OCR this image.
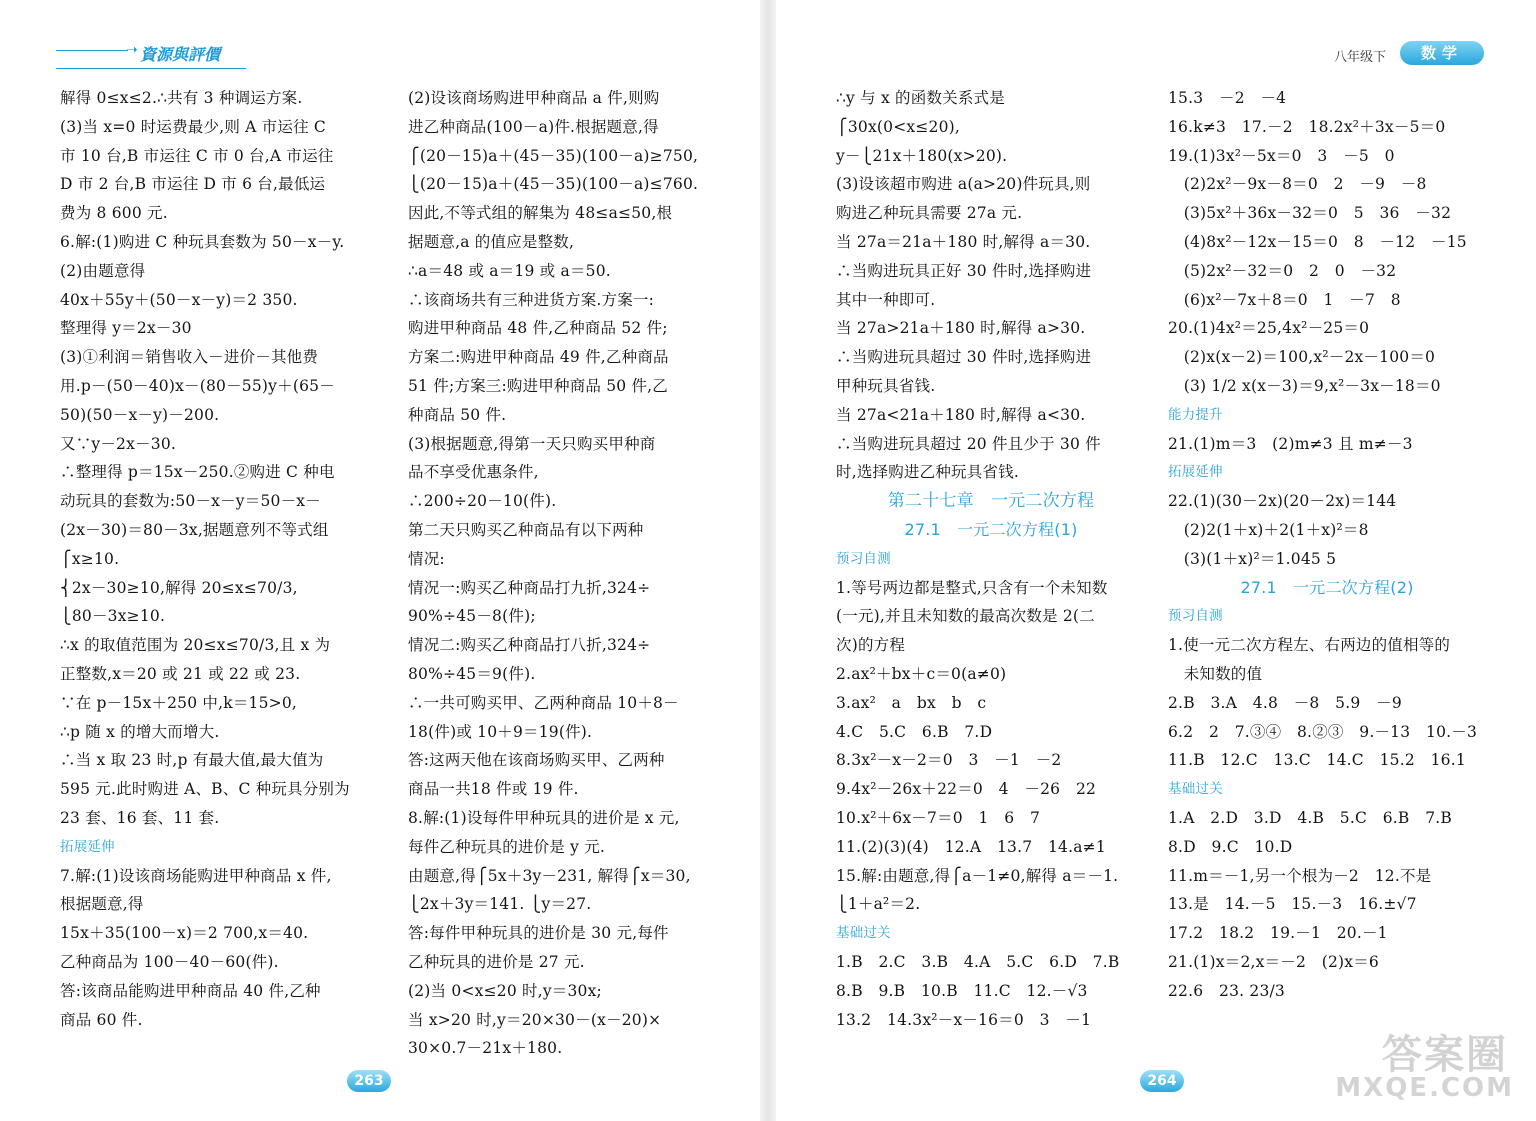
➝ 資源與評價
解得 0≤x≤2.∴共有 3 种调运方案.
(3)当 x=0 时运费最少,则 A 市运往 C
市 10 台,B 市运往 C 市 0 台,A 市运往
D 市 2 台,B 市运往 D 市 6 台,最低运
费为 8 600 元.
6.解:(1)购进 C 种玩具套数为 50－x－y.
(2)由题意得
40x＋55y＋(50－x－y)＝2 350.
整理得 y＝2x－30
(3)①利润＝销售收入－进价－其他费
用.p－(50－40)x－(80－55)y＋(65－
50)(50－x－y)－200.
又∵y－2x－30.
∴整理得 p＝15x－250.②购进 C 种电
动玩具的套数为:50－x－y＝50－x－
(2x－30)＝80－3x,据题意列不等式组
⎧x≥10.
⎨2x－30≥10,解得 20≤x≤70/3,
⎩80－3x≥10.
∴x 的取值范围为 20≤x≤70/3,且 x 为
正整数,x＝20 或 21 或 22 或 23.
∵在 p－15x＋250 中,k＝15>0,
∴p 随 x 的增大而增大.
∴当 x 取 23 时,p 有最大值,最大值为
595 元.此时购进 A、B、C 种玩具分别为
23 套、16 套、11 套.
拓展延伸
7.解:(1)设该商场能购进甲种商品 x 件,
根据题意,得
15x＋35(100－x)＝2 700,x＝40.
乙种商品为 100－40－60(件).
答:该商品能购进甲种商品 40 件,乙种
商品 60 件.
(2)设该商场购进甲种商品 a 件,则购
进乙种商品(100－a)件.根据题意,得
⎧(20－15)a＋(45－35)(100－a)≥750,
⎩(20－15)a＋(45－35)(100－a)≤760.
因此,不等式组的解集为 48≤a≤50,根
据题意,a 的值应是整数,
∴a＝48 或 a＝19 或 a＝50.
∴该商场共有三种进货方案.方案一:
购进甲种商品 48 件,乙种商品 52 件;
方案二:购进甲种商品 49 件,乙种商品
51 件;方案三:购进甲种商品 50 件,乙
种商品 50 件.
(3)根据题意,得第一天只购买甲种商
品不享受优惠条件,
∴200÷20－10(件).
第二天只购买乙种商品有以下两种
情况:
情况一:购买乙种商品打九折,324÷
90%÷45－8(件);
情况二:购买乙种商品打八折,324÷
80%÷45＝9(件).
∴一共可购买甲、乙两种商品 10＋8－
18(件)或 10＋9＝19(件).
答:这两天他在该商场购买甲、乙两种
商品一共18 件或 19 件.
8.解:(1)设每件甲种玩具的进价是 x 元,
每件乙种玩具的进价是 y 元.
由题意,得⎧5x＋3y－231, 解得⎧x＝30,
⎩2x＋3y＝141. ⎩y＝27.
答:每件甲种玩具的进价是 30 元,每件
乙种玩具的进价是 27 元.
(2)当 0<x≤20 时,y＝30x;
当 x>20 时,y＝20×30－(x－20)×
30×0.7－21x＋180.
263
八年级下	数学
∴y 与 x 的函数关系式是
⎧30x(0<x≤20),
y－⎩21x＋180(x>20).
(3)设该超市购进 a(a>20)件玩具,则
购进乙种玩具需要 27a 元.
当 27a＝21a＋180 时,解得 a＝30.
∴当购进玩具正好 30 件时,选择购进
其中一种即可.
当 27a>21a＋180 时,解得 a>30.
∴当购进玩具超过 30 件时,选择购进
甲种玩具省钱.
当 27a<21a＋180 时,解得 a<30.
∴当购进玩具超过 20 件且少于 30 件
时,选择购进乙种玩具省钱.
第二十七章　一元二次方程
27.1　一元二次方程(1)
预习自测
1.等号两边都是整式,只含有一个未知数
(一元),并且未知数的最高次数是 2(二
次)的方程
2.ax²＋bx＋c＝0(a≠0)
3.ax²　a　bx　b　c
4.C　5.C　6.B　7.D
8.3x²－x－2＝0　3　－1　－2
9.4x²－26x＋22＝0　4　－26　22
10.x²＋6x－7＝0　1　6　7
11.(2)(3)(4)　12.A　13.7　14.a≠1
15.解:由题意,得⎧a－1≠0,解得 a＝－1.
⎩1＋a²＝2.
基础过关
1.B　2.C　3.B　4.A　5.C　6.D　7.B
8.B　9.B　10.B　11.C　12.－√3
13.2　14.3x²－x－16＝0　3　－1
15.3　－2　－4
16.k≠3　17.－2　18.2x²＋3x－5＝0
19.(1)3x²－5x＝0　3　－5　0
　(2)2x²－9x－8＝0　2　－9　－8
　(3)5x²＋36x－32＝0　5　36　－32
　(4)8x²－12x－15＝0　8　－12　－15
　(5)2x²－32＝0　2　0　－32
　(6)x²－7x＋8＝0　1　－7　8
20.(1)4x²＝25,4x²－25＝0
　(2)x(x－2)＝100,x²－2x－100＝0
　(3) 1/2 x(x－3)＝9,x²－3x－18＝0
能力提升
21.(1)m＝3　(2)m≠3 且 m≠－3
拓展延伸
22.(1)(30－2x)(20－2x)＝144
　(2)2(1＋x)＋2(1＋x)²＝8
　(3)(1＋x)²＝1.045 5
27.1　一元二次方程(2)
预习自测
1.使一元二次方程左、右两边的值相等的
　未知数的值
2.B　3.A　4.8　－8　5.9　－9
6.2　2　7.③④　8.②③　9.－13　10.－3
11.B　12.C　13.C　14.C　15.2　16.1
基础过关
1.A　2.D　3.D　4.B　5.C　6.B　7.B
8.D　9.C　10.D
11.m＝－1,另一个根为－2　12.不是
13.是　14.－5　15.－3　16.±√7
17.2　18.2　19.－1　20.－1
21.(1)x＝2,x＝－2　(2)x＝6
22.6　23. 23/3
264
答案圈
MXQE.COM
